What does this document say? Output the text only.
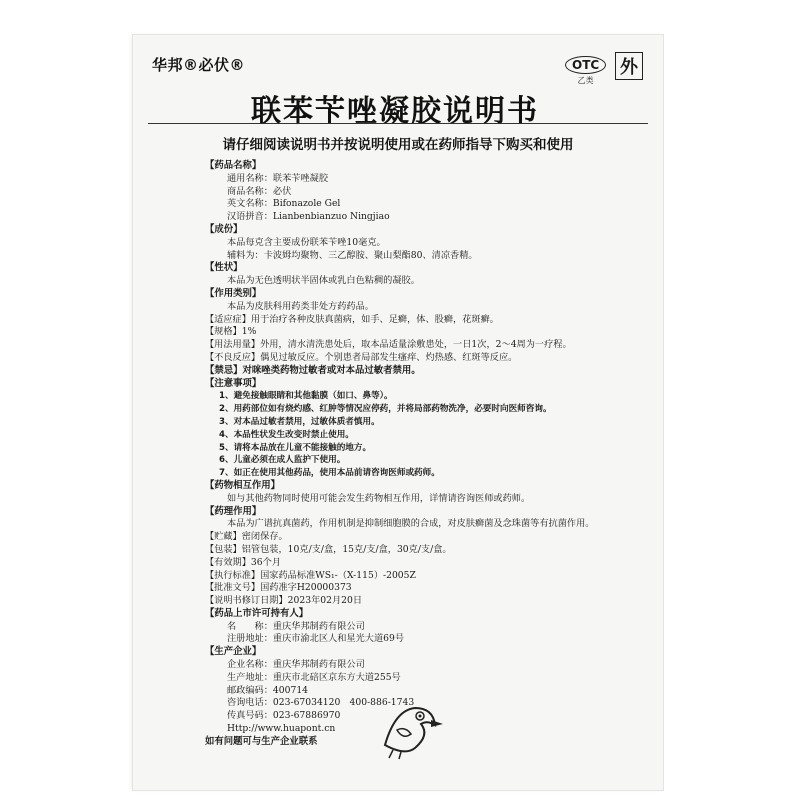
华邦®必伏®	OTC
乙类
外
联苯苄唑凝胶说明书
请仔细阅读说明书并按说明使用或在药师指导下购买和使用
【药品名称】
通用名称：联苯苄唑凝胶
商品名称：必伏
英文名称：Bifonazole Gel
汉语拼音：Lianbenbianzuo Ningjiao
【成份】
本品每克含主要成份联苯苄唑10毫克。
辅料为：卡波姆均聚物、三乙醇胺、聚山梨酯80、清凉香精。
【性状】
本品为无色透明状半固体或乳白色粘稠的凝胶。
【作用类别】
本品为皮肤科用药类非处方药药品。
【适应症】用于治疗各种皮肤真菌病，如手、足癣，体、股癣，花斑癣。
【规格】1%
【用法用量】外用，清水清洗患处后，取本品适量涂敷患处，一日1次，2～4周为一疗程。
【不良反应】偶见过敏反应。个别患者局部发生瘙痒、灼热感、红斑等反应。
【禁忌】对咪唑类药物过敏者或对本品过敏者禁用。
【注意事项】
1、避免接触眼睛和其他黏膜（如口、鼻等）。
2、用药部位如有烧灼感、红肿等情况应停药，并将局部药物洗净，必要时向医师咨询。
3、对本品过敏者禁用，过敏体质者慎用。
4、本品性状发生改变时禁止使用。
5、请将本品放在儿童不能接触的地方。
6、儿童必须在成人监护下使用。
7、如正在使用其他药品，使用本品前请咨询医师或药师。
【药物相互作用】
如与其他药物同时使用可能会发生药物相互作用，详情请咨询医师或药师。
【药理作用】
本品为广谱抗真菌药，作用机制是抑制细胞膜的合成，对皮肤癣菌及念珠菌等有抗菌作用。
【贮藏】密闭保存。
【包装】铝管包装，10克/支/盒，15克/支/盒，30克/支/盒。
【有效期】36个月
【执行标准】国家药品标准WS₁-（X-115）-2005Z
【批准文号】国药准字H20000373
【说明书修订日期】2023年02月20日
【药品上市许可持有人】
名　　称：重庆华邦制药有限公司
注册地址：重庆市渝北区人和星光大道69号
【生产企业】
企业名称：重庆华邦制药有限公司
生产地址：重庆市北碚区京东方大道255号
邮政编码：400714
咨询电话：023-67034120　400-886-1743
传真号码：023-67886970
Http://www.huapont.cn
如有问题可与生产企业联系
